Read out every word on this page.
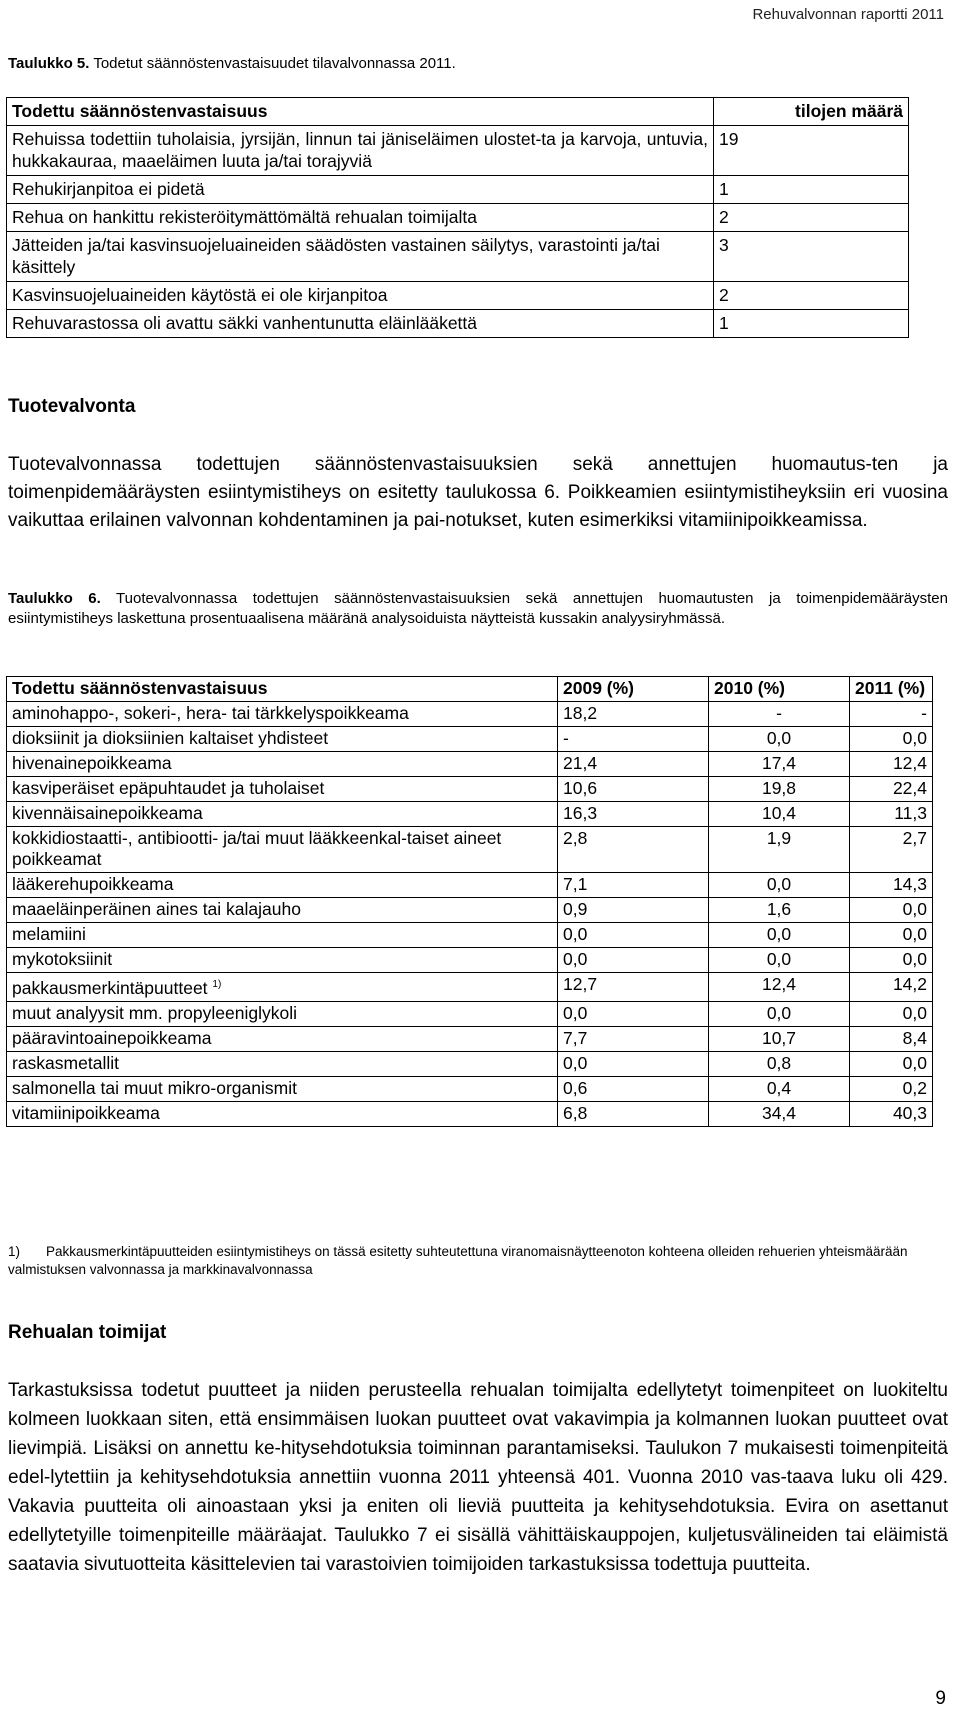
Rehuvalvonnan raportti 2011
Taulukko 5. Todetut säännöstenvastaisuudet tilavalvonnassa 2011.
Todettu säännöstenvastaisuus	tilojen määrä
Rehuissa todettiin tuholaisia, jyrsijän, linnun tai jäniseläimen ulostet-ta ja karvoja, untuvia, hukkakauraa, maaeläimen luuta ja/tai torajyviä	19
Rehukirjanpitoa ei pidetä	1
Rehua on hankittu rekisteröitymättömältä rehualan toimijalta	2
Jätteiden ja/tai kasvinsuojeluaineiden säädösten vastainen säilytys, varastointi ja/tai käsittely	3
Kasvinsuojeluaineiden käytöstä ei ole kirjanpitoa	2
Rehuvarastossa oli avattu säkki vanhentunutta eläinlääkettä	1
Tuotevalvonta
Tuotevalvonnassa todettujen säännöstenvastaisuuksien sekä annettujen huomautus-ten ja toimenpidemääräysten esiintymistiheys on esitetty taulukossa 6. Poikkeamien esiintymistiheyksiin eri vuosina vaikuttaa erilainen valvonnan kohdentaminen ja pai-notukset, kuten esimerkiksi vitamiinipoikkeamissa.
Taulukko 6. Tuotevalvonnassa todettujen säännöstenvastaisuuksien sekä annettujen huomautusten ja toimenpidemääräysten esiintymistiheys laskettuna prosentuaalisena määränä analysoiduista näytteistä kussakin analyysiryhmässä.
Todettu säännöstenvastaisuus	2009 (%)	2010 (%)	2011 (%)
aminohappo-, sokeri-, hera- tai tärkkelyspoikkeama	18,2	-	-
dioksiinit ja dioksiinien kaltaiset yhdisteet	-	0,0	0,0
hivenainepoikkeama	21,4	17,4	12,4
kasviperäiset epäpuhtaudet ja tuholaiset	10,6	19,8	22,4
kivennäisainepoikkeama	16,3	10,4	11,3
kokkidiostaatti-, antibiootti- ja/tai muut lääkkeenkal-taiset aineet poikkeamat	2,8	1,9	2,7
lääkerehupoikkeama	7,1	0,0	14,3
maaeläinperäinen aines tai kalajauho	0,9	1,6	0,0
melamiini	0,0	0,0	0,0
mykotoksiinit	0,0	0,0	0,0
pakkausmerkintäpuutteet $^{1)}$	12,7	12,4	14,2
muut analyysit mm. propyleeniglykoli	0,0	0,0	0,0
pääravintoainepoikkeama	7,7	10,7	8,4
raskasmetallit	0,0	0,8	0,0
salmonella tai muut mikro-organismit	0,6	0,4	0,2
vitamiinipoikkeama	6,8	34,4	40,3
1) Pakkausmerkintäpuutteiden esiintymistiheys on tässä esitetty suhteutettuna viranomaisnäytteenoton kohteena olleiden rehuerien yhteismäärään valmistuksen valvonnassa ja markkinavalvonnassa
Rehualan toimijat
Tarkastuksissa todetut puutteet ja niiden perusteella rehualan toimijalta edellytetyt toimenpiteet on luokiteltu kolmeen luokkaan siten, että ensimmäisen luokan puutteet ovat vakavimpia ja kolmannen luokan puutteet ovat lievimpiä. Lisäksi on annettu ke-hitysehdotuksia toiminnan parantamiseksi. Taulukon 7 mukaisesti toimenpiteitä edel-lytettiin ja kehitysehdotuksia annettiin vuonna 2011 yhteensä 401. Vuonna 2010 vas-taava luku oli 429. Vakavia puutteita oli ainoastaan yksi ja eniten oli lieviä puutteita ja kehitysehdotuksia. Evira on asettanut edellytetyille toimenpiteille määräajat. Taulukko 7 ei sisällä vähittäiskauppojen, kuljetusvälineiden tai eläimistä saatavia sivutuotteita käsittelevien tai varastoivien toimijoiden tarkastuksissa todettuja puutteita.
9
